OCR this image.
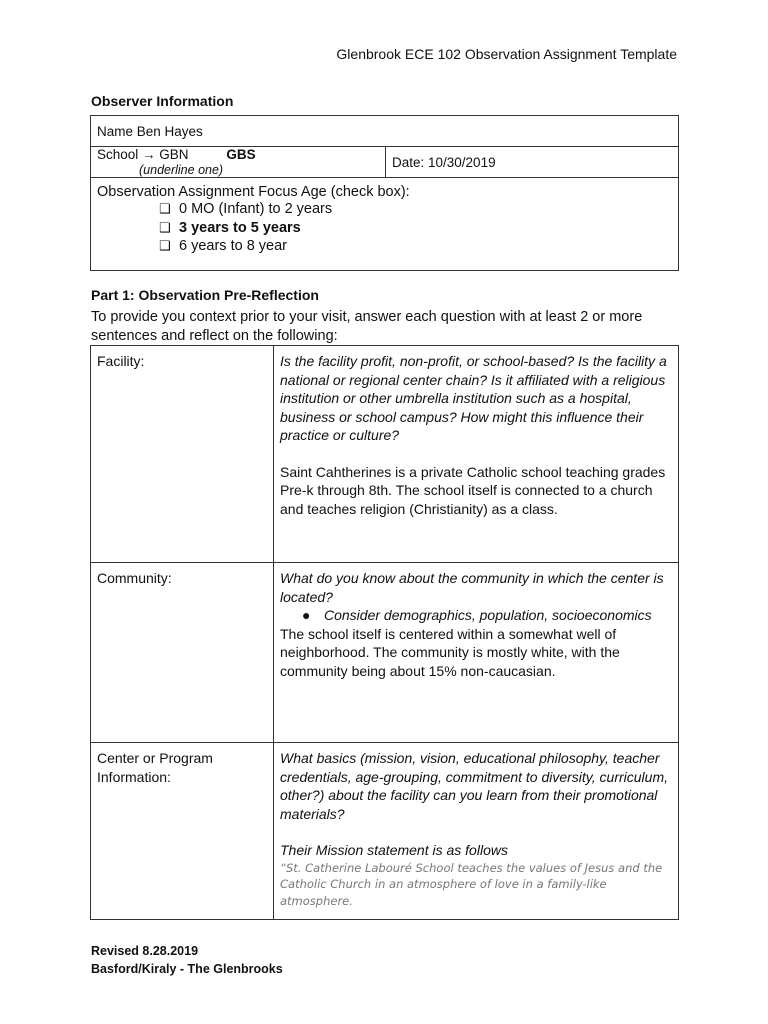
Glenbrook ECE 102 Observation Assignment Template
Observer Information
Name Ben Hayes
School → GBN	GBS (underline one)	Date: 10/30/2019

Observation Assignment Focus Age (check box):
❑ 0 MO (Infant) to 2 years
❑ 3 years to 5 years
❑ 6 years to 8 year
Part 1: Observation Pre-Reflection
To provide you context prior to your visit, answer each question with at least 2 or more sentences and reflect on the following:
Facility:	Is the facility profit, non-profit, or school-based? Is the facility a national or regional center chain? Is it affiliated with a religious institution or other umbrella institution such as a hospital, business or school campus? How might this influence their practice or culture?
Saint Cahtherines is a private Catholic school teaching grades Pre-k through 8th. The school itself is connected to a church and teaches religion (Christianity) as a class.

Community:	What do you know about the community in which the center is located?
● Consider demographics, population, socioeconomics
The school itself is centered within a somewhat well of neighborhood. The community is mostly white, with the community being about 15% non-caucasian.

Center or Program Information:	What basics (mission, vision, educational philosophy, teacher credentials, age-grouping, commitment to diversity, curriculum, other?) about the facility can you learn from their promotional materials?
Their Mission statement is as follows
“St. Catherine Labouré School teaches the values of Jesus and the Catholic Church in an atmosphere of love in a family-like atmosphere.
Revised 8.28.2019
Basford/Kiraly - The Glenbrooks
